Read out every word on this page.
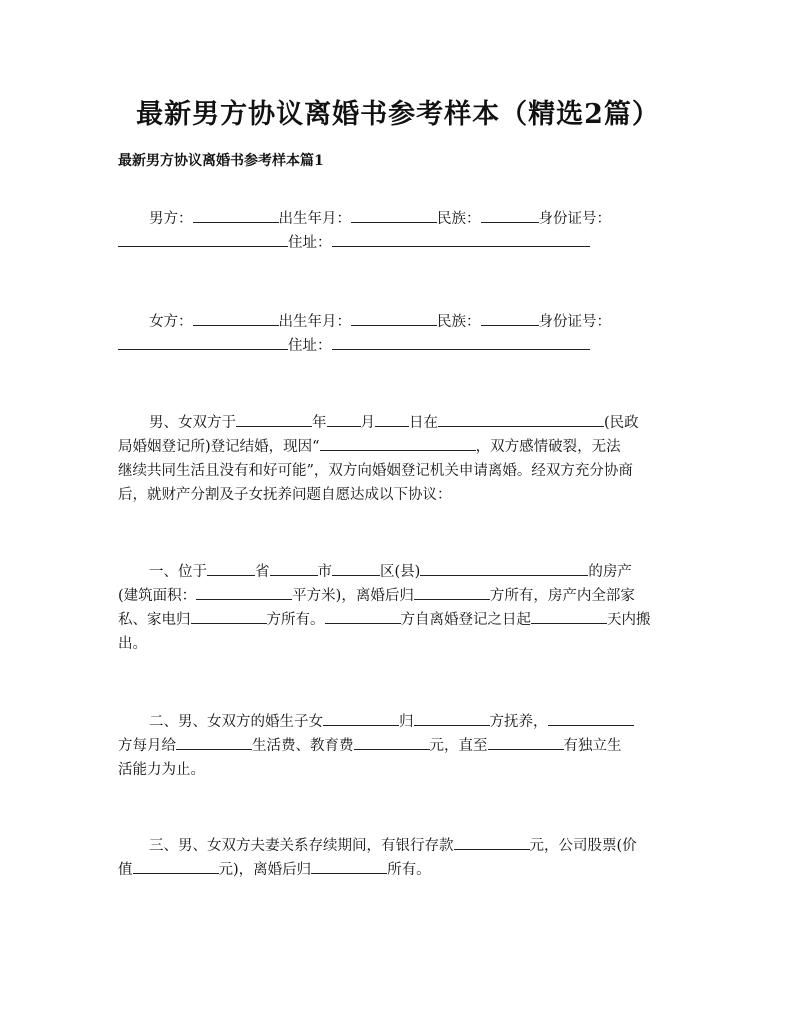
最新男方协议离婚书参考样本（精选2篇）
最新男方协议离婚书参考样本篇1
男方：	出生年月：	民族：	身份证号：
住址：
女方：	出生年月：	民族：	身份证号：
住址：
男、女双方于	年 月 日在	(民政
局婚姻登记所)登记结婚，现因“	，双方感情破裂，无法
继续共同生活且没有和好可能”，双方向婚姻登记机关申请离婚。经双方充分协商
后，就财产分割及子女抚养问题自愿达成以下协议：
一、位于	省	市	区(县)	的房产
(建筑面积：	平方米)，离婚后归	方所有，房产内全部家
私、家电归	方所有。	方自离婚登记之日起	天内搬
出。
二、男、女双方的婚生子女	归	方抚养，
方每月给	生活费、教育费	元，直至	有独立生
活能力为止。
三、男、女双方夫妻关系存续期间，有银行存款	元，公司股票(价
值	元)，离婚后归	所有。
